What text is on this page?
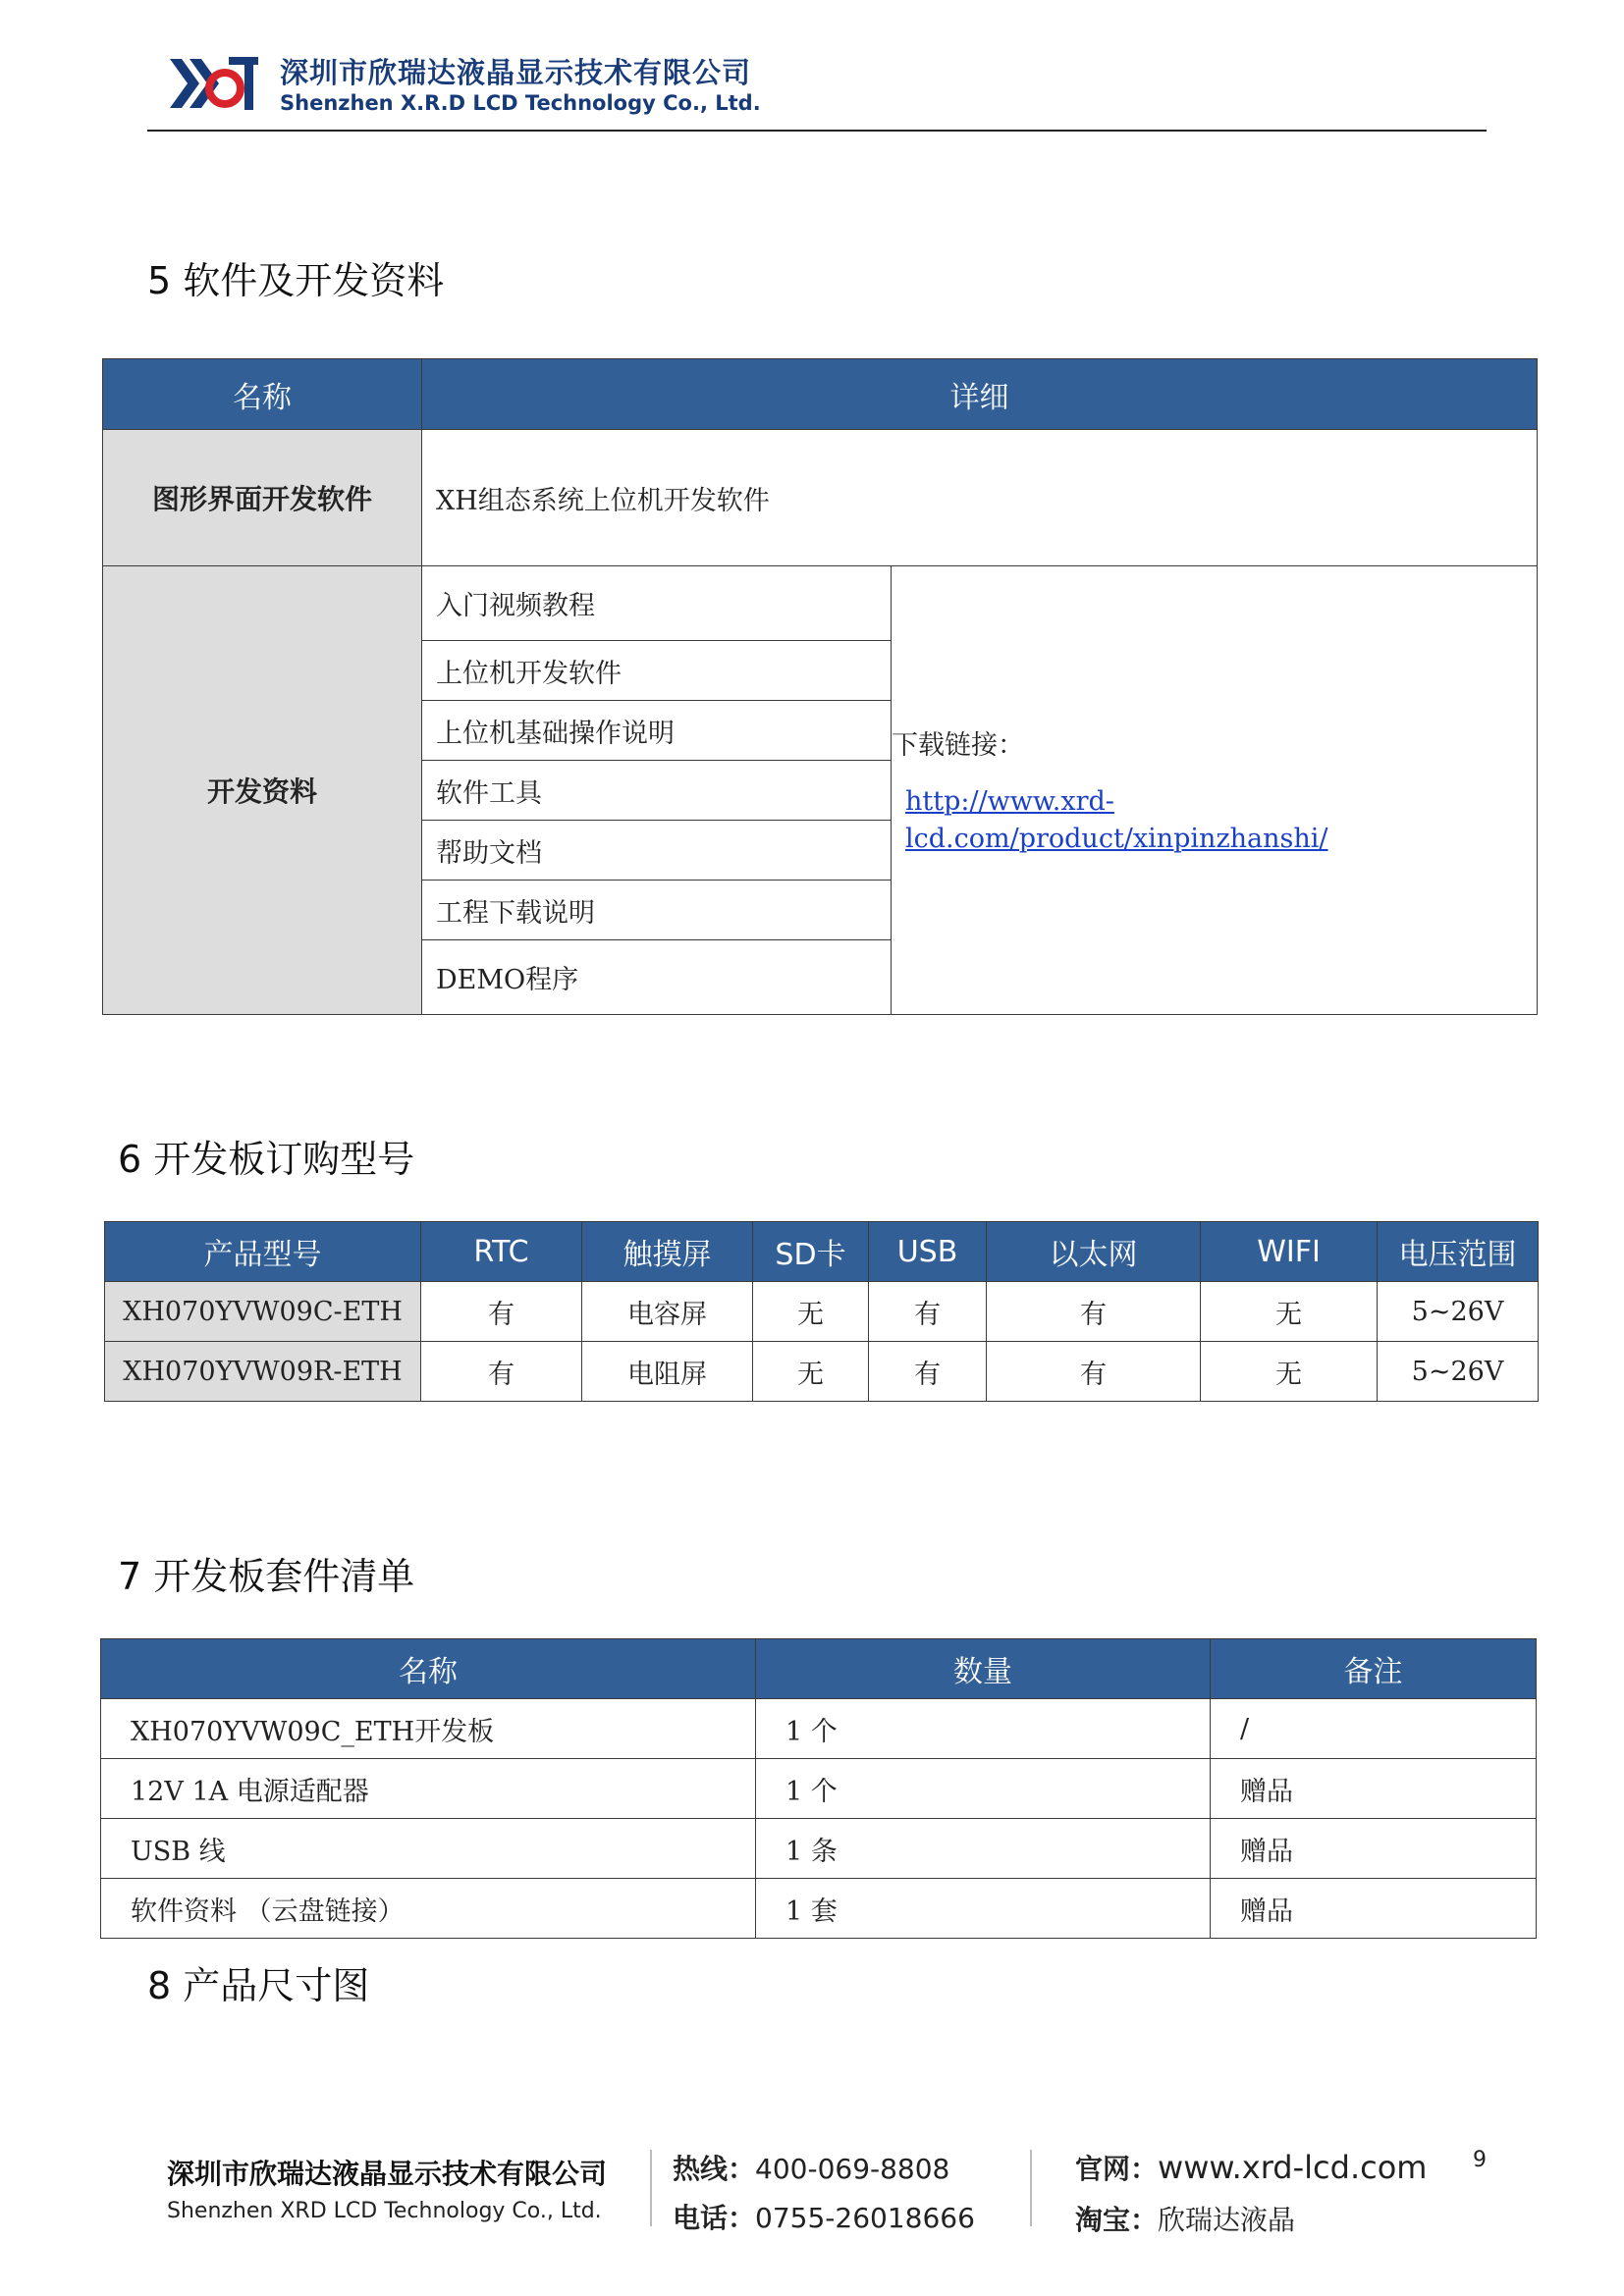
深圳市欣瑞达液晶显示技术有限公司
Shenzhen X.R.D LCD Technology Co., Ltd.
5 软件及开发资料
名称	详细	
图形界面开发软件	XH组态系统上位机开发软件	
开发资料	入门视频教程	下载链接：
http://www.xrd-
lcd.com/product/xinpinzhanshi/

	上位机开发软件	
	上位机基础操作说明	
	软件工具	
	帮助文档	
	工程下载说明	
	DEMO程序	
6 开发板订购型号
产品型号	RTC	触摸屏	SD卡	USB	以太网	WIFI	电压范围
XH070YVW09C-ETH	有	电容屏	无	有	有	无	5~26V
XH070YVW09R-ETH	有	电阻屏	无	有	有	无	5~26V
7 开发板套件清单
名称	数量	备注
XH070YVW09C_ETH开发板	1 个	/
12V 1A 电源适配器	1 个	赠品
USB 线	1 条	赠品
软件资料 （云盘链接）	1 套	赠品
8 产品尺寸图
深圳市欣瑞达液晶显示技术有限公司
Shenzhen XRD LCD Technology Co., Ltd.
热线：400-069-8808
电话：0755-26018666
官网：www.xrd-lcd.com
淘宝：欣瑞达液晶
9
